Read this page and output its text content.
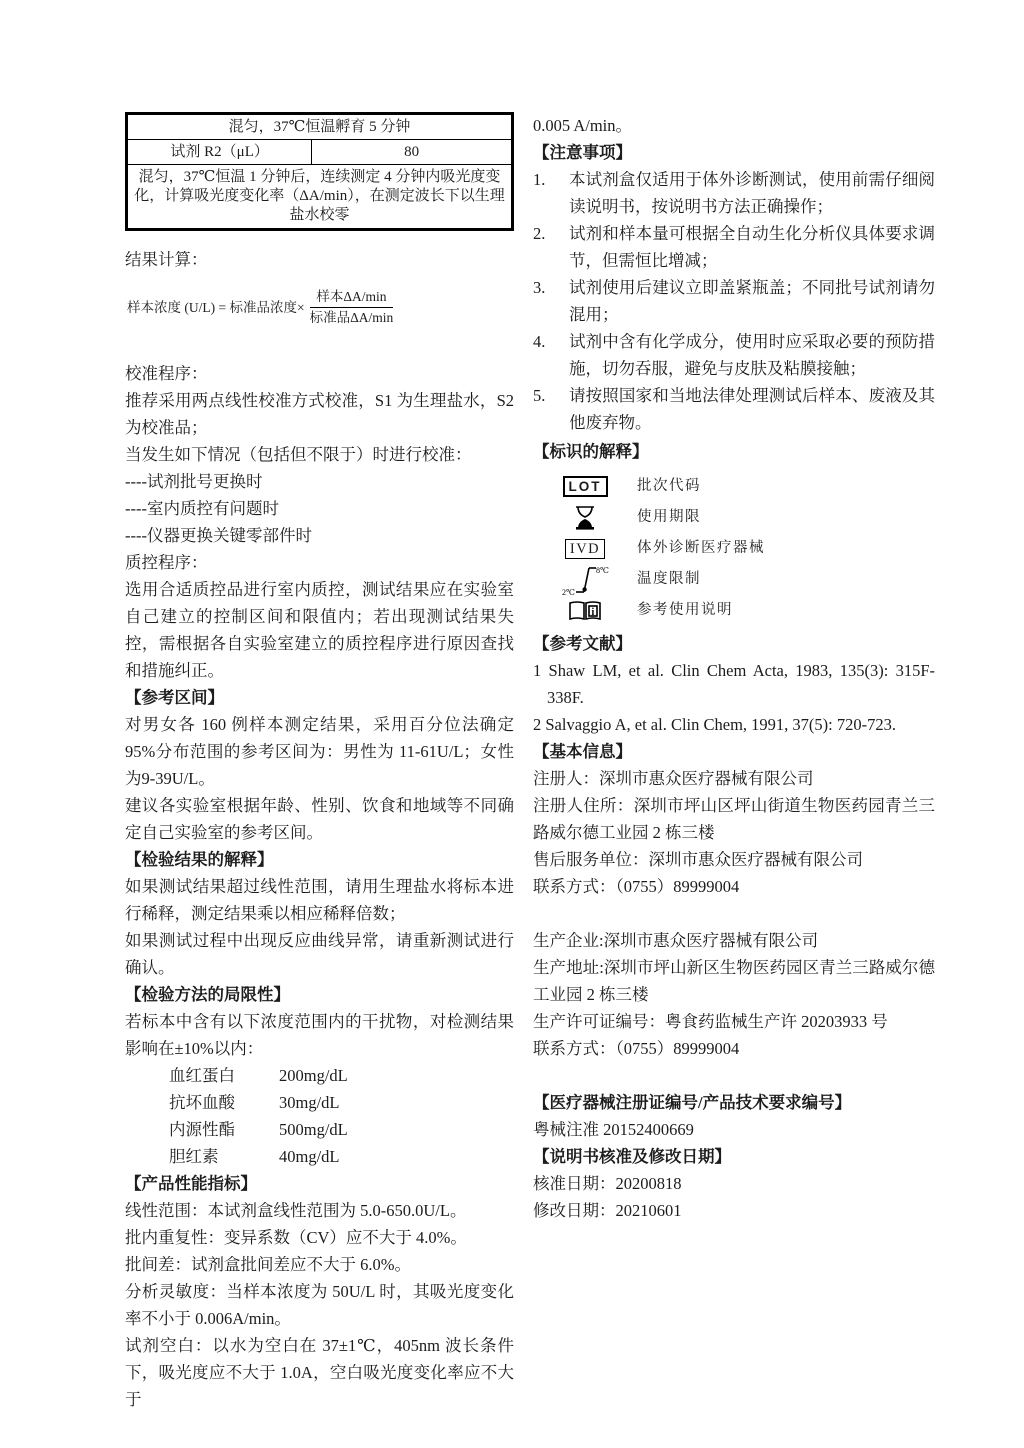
混匀，37℃恒温孵育 5 分钟
试剂 R2（μL）	80
混匀，37℃恒温 1 分钟后，连续测定 4 分钟内吸光度变化，计算吸光度变化率（ΔA/min），在测定波长下以生理盐水校零

结果计算：

样本浓度 (U/L) = 标准品浓度× $\frac{\text{样本ΔA/min}}{\text{标准品ΔA/min}}$

校准程序：

推荐采用两点线性校准方式校准，S1 为生理盐水，S2为校准品；

当发生如下情况（包括但不限于）时进行校准：

----试剂批号更换时

----室内质控有问题时

----仪器更换关键零部件时

质控程序：

选用合适质控品进行室内质控，测试结果应在实验室自己建立的控制区间和限值内；若出现测试结果失控，需根据各自实验室建立的质控程序进行原因查找和措施纠正。

【参考区间】

对男女各 160 例样本测定结果，采用百分位法确定 95%分布范围的参考区间为：男性为 11-61U/L；女性为9-39U/L。

建议各实验室根据年龄、性别、饮食和地域等不同确定自己实验室的参考区间。

【检验结果的解释】

如果测试结果超过线性范围，请用生理盐水将标本进行稀释，测定结果乘以相应稀释倍数；

如果测试过程中出现反应曲线异常，请重新测试进行确认。

【检验方法的局限性】

若标本中含有以下浓度范围内的干扰物，对检测结果影响在±10%以内：

血红蛋白	200mg/dL
抗坏血酸	30mg/dL
内源性酯	500mg/dL
胆红素	40mg/dL

【产品性能指标】

线性范围：本试剂盒线性范围为 5.0-650.0U/L。

批内重复性：变异系数（CV）应不大于 4.0%。

批间差：试剂盒批间差应不大于 6.0%。

分析灵敏度：当样本浓度为 50U/L 时，其吸光度变化率不小于 0.006A/min。

试剂空白：以水为空白在 37±1℃，405nm 波长条件下，吸光度应不大于 1.0A，空白吸光度变化率应不大于

0.005 A/min。

【注意事项】

1. 本试剂盒仅适用于体外诊断测试，使用前需仔细阅读说明书，按说明书方法正确操作；
2. 试剂和样本量可根据全自动生化分析仪具体要求调节，但需恒比增减；
3. 试剂使用后建议立即盖紧瓶盖；不同批号试剂请勿混用；
4. 试剂中含有化学成分，使用时应采取必要的预防措施，切勿吞服，避免与皮肤及粘膜接触；
5. 请按照国家和当地法律处理测试后样本、废液及其他废弃物。

【标识的解释】

LOT	批次代码
使用期限
IVD	体外诊断医疗器械
8℃
2℃
温度限制
i	参考使用说明

【参考文献】

1 Shaw LM, et al. Clin Chem Acta, 1983, 135(3): 315F-338F.

2 Salvaggio A, et al. Clin Chem, 1991, 37(5): 720-723.

【基本信息】

注册人：深圳市惠众医疗器械有限公司

注册人住所：深圳市坪山区坪山街道生物医药园青兰三路威尔德工业园 2 栋三楼

售后服务单位：深圳市惠众医疗器械有限公司

联系方式：（0755）89999004

生产企业:深圳市惠众医疗器械有限公司

生产地址:深圳市坪山新区生物医药园区青兰三路威尔德工业园 2 栋三楼

生产许可证编号：粤食药监械生产许 20203933 号

联系方式：（0755）89999004

【医疗器械注册证编号/产品技术要求编号】

粤械注准 20152400669

【说明书核准及修改日期】

核准日期：20200818

修改日期：20210601
